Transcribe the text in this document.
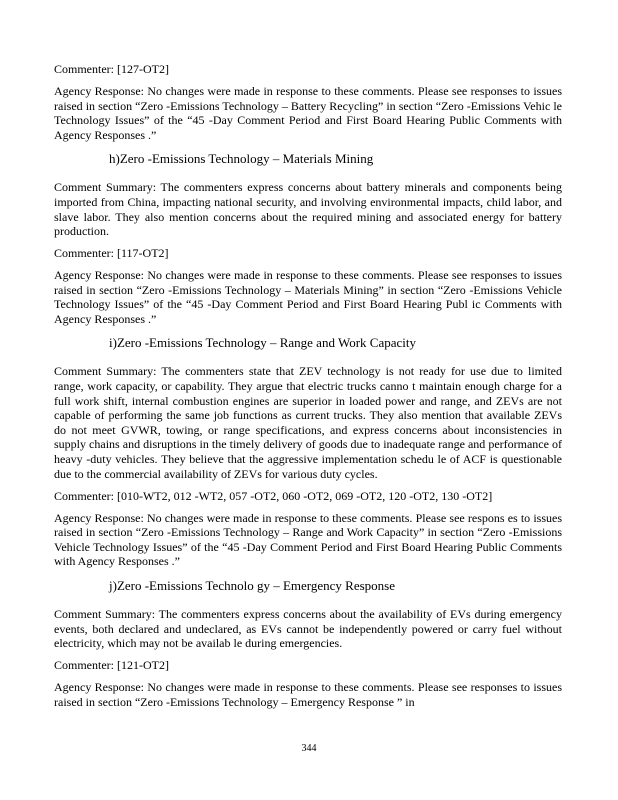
Commenter: [127-OT2]

Agency Response: No changes were made in response to these comments. Please see responses to issues raised in section “Zero -Emissions Technology – Battery Recycling” in section “Zero -Emissions Vehic le Technology Issues” of the “45 -Day Comment Period and First Board Hearing Public Comments with Agency Responses .”

h)Zero -Emissions Technology – Materials Mining

Comment Summary: The commenters express concerns about battery minerals and components being imported from China, impacting national security, and involving environmental impacts, child labor, and slave labor. They also mention concerns about the required mining and associated energy for battery production.

Commenter: [117-OT2]

Agency Response: No changes were made in response to these comments. Please see responses to issues raised in section “Zero -Emissions Technology – Materials Mining” in section “Zero -Emissions Vehicle Technology Issues” of the “45 -Day Comment Period and First Board Hearing Publ ic Comments with Agency Responses .”

i)Zero -Emissions Technology – Range and Work Capacity

Comment Summary: The commenters state that ZEV technology is not ready for use due to limited range, work capacity, or capability. They argue that electric trucks canno t maintain enough charge for a full work shift, internal combustion engines are superior in loaded power and range, and ZEVs are not capable of performing the same job functions as current trucks. They also mention that available ZEVs do not meet GVWR, towing, or range specifications, and express concerns about inconsistencies in supply chains and disruptions in the timely delivery of goods due to inadequate range and performance of heavy -duty vehicles. They believe that the aggressive implementation schedu le of ACF is questionable due to the commercial availability of ZEVs for various duty cycles.

Commenter: [010-WT2, 012 -WT2, 057 -OT2, 060 -OT2, 069 -OT2, 120 -OT2, 130 -OT2]

Agency Response: No changes were made in response to these comments. Please see respons es to issues raised in section “Zero -Emissions Technology – Range and Work Capacity” in section “Zero -Emissions Vehicle Technology Issues” of the “45 -Day Comment Period and First Board Hearing Public Comments with Agency Responses .”

j)Zero -Emissions Technolo gy – Emergency Response

Comment Summary: The commenters express concerns about the availability of EVs during emergency events, both declared and undeclared, as EVs cannot be independently powered or carry fuel without electricity, which may not be availab le during emergencies.

Commenter: [121-OT2]

Agency Response: No changes were made in response to these comments. Please see responses to issues raised in section “Zero -Emissions Technology – Emergency Response ” in

344
